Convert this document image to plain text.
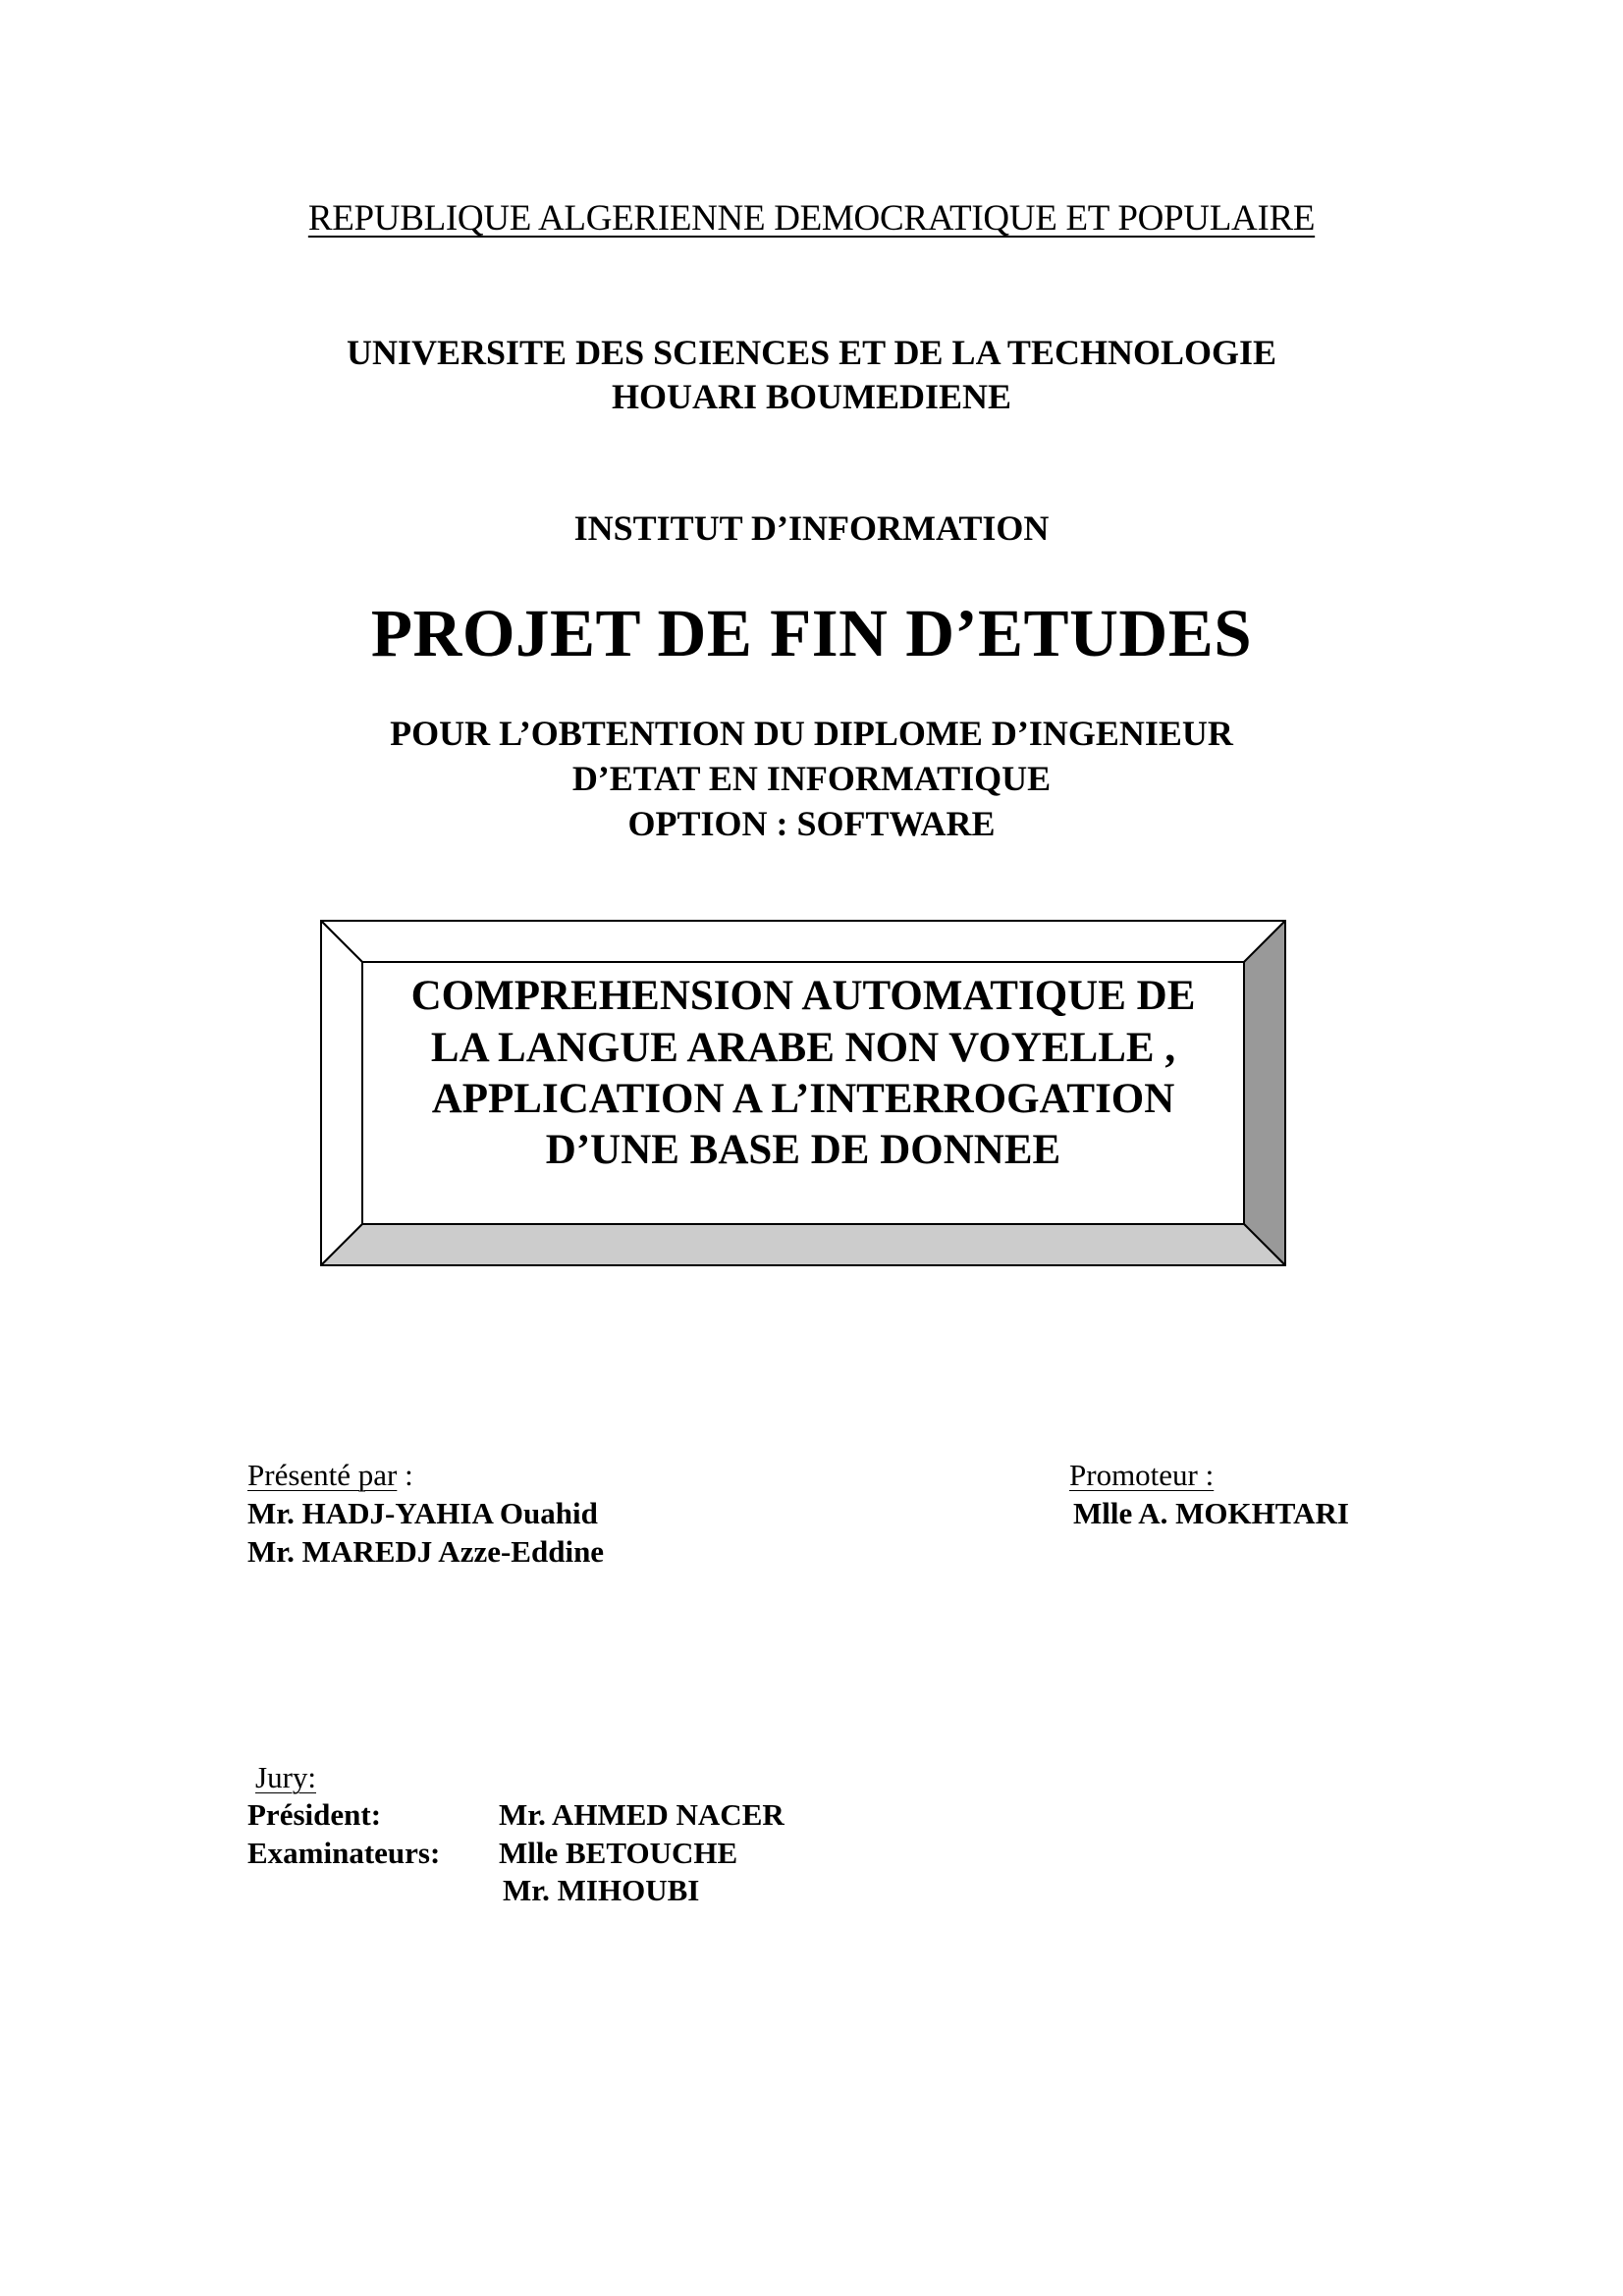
REPUBLIQUE ALGERIENNE DEMOCRATIQUE ET POPULAIRE
UNIVERSITE DES SCIENCES ET DE LA TECHNOLOGIE
HOUARI BOUMEDIENE
INSTITUT D’INFORMATION
PROJET DE FIN D’ETUDES
POUR L’OBTENTION DU DIPLOME D’INGENIEUR
D’ETAT EN INFORMATIQUE
OPTION : SOFTWARE
COMPREHENSION AUTOMATIQUE DE
LA LANGUE ARABE NON VOYELLE ,
APPLICATION A L’INTERROGATION
D’UNE BASE DE DONNEE
Présenté par :
Mr. HADJ-YAHIA Ouahid
Mr. MAREDJ Azze-Eddine
Promoteur :
Mlle A. MOKHTARI
Jury:
Président:	Mr. AHMED NACER
Examinateurs: Mlle BETOUCHE
Mr. MIHOUBI
